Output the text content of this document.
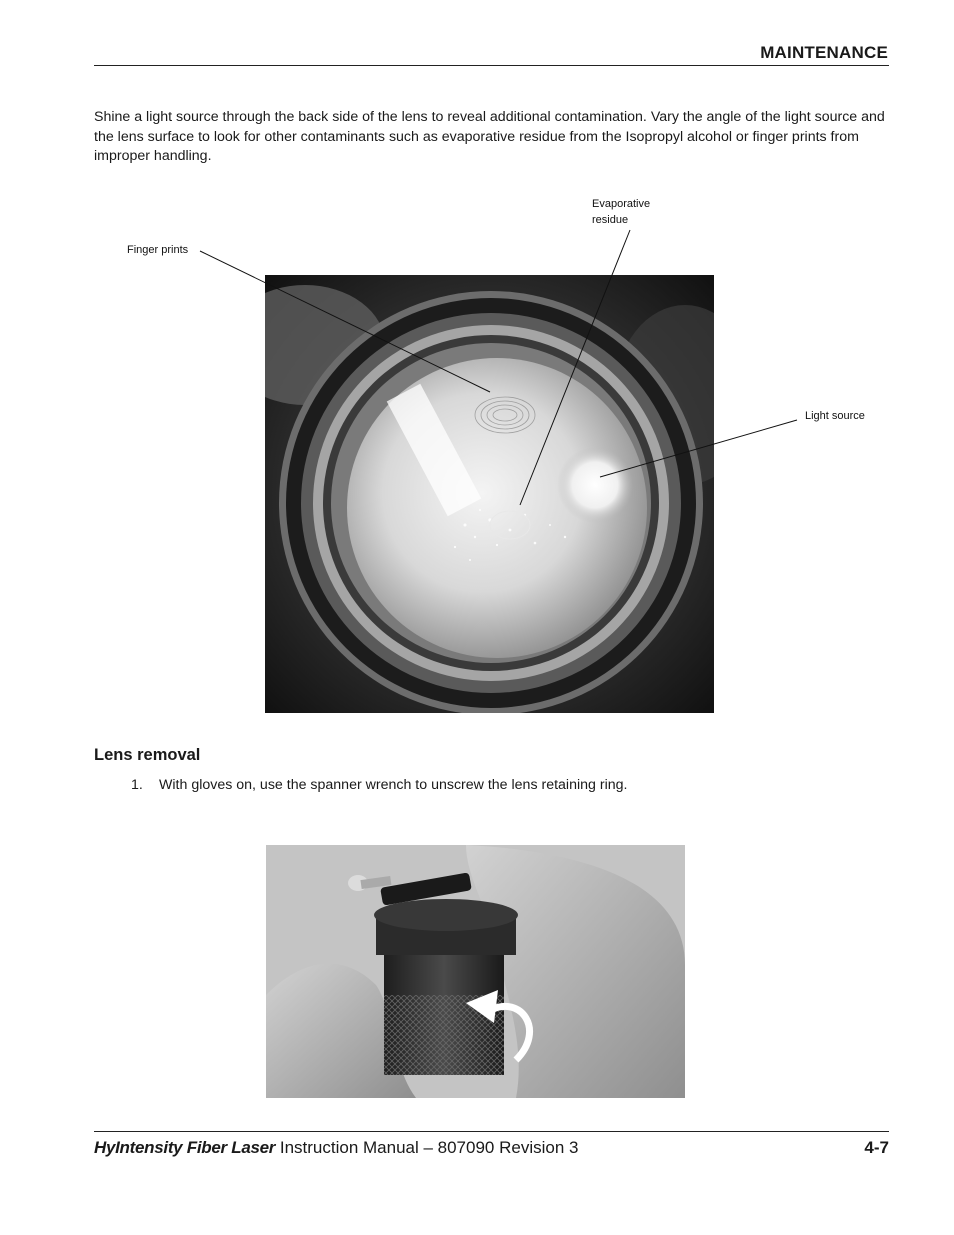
MAINTENANCE
Shine a light source through the back side of the lens to reveal additional contamination. Vary the angle of the light source and the lens surface to look for other contaminants such as evaporative residue from the Isopropyl alcohol or finger prints from improper handling.
Finger prints
Evaporative
residue
Light source
Lens removal
1. With gloves on, use the spanner wrench to unscrew the lens retaining ring.
HyIntensity Fiber Laser Instruction Manual – 807090 Revision 3	4-7
